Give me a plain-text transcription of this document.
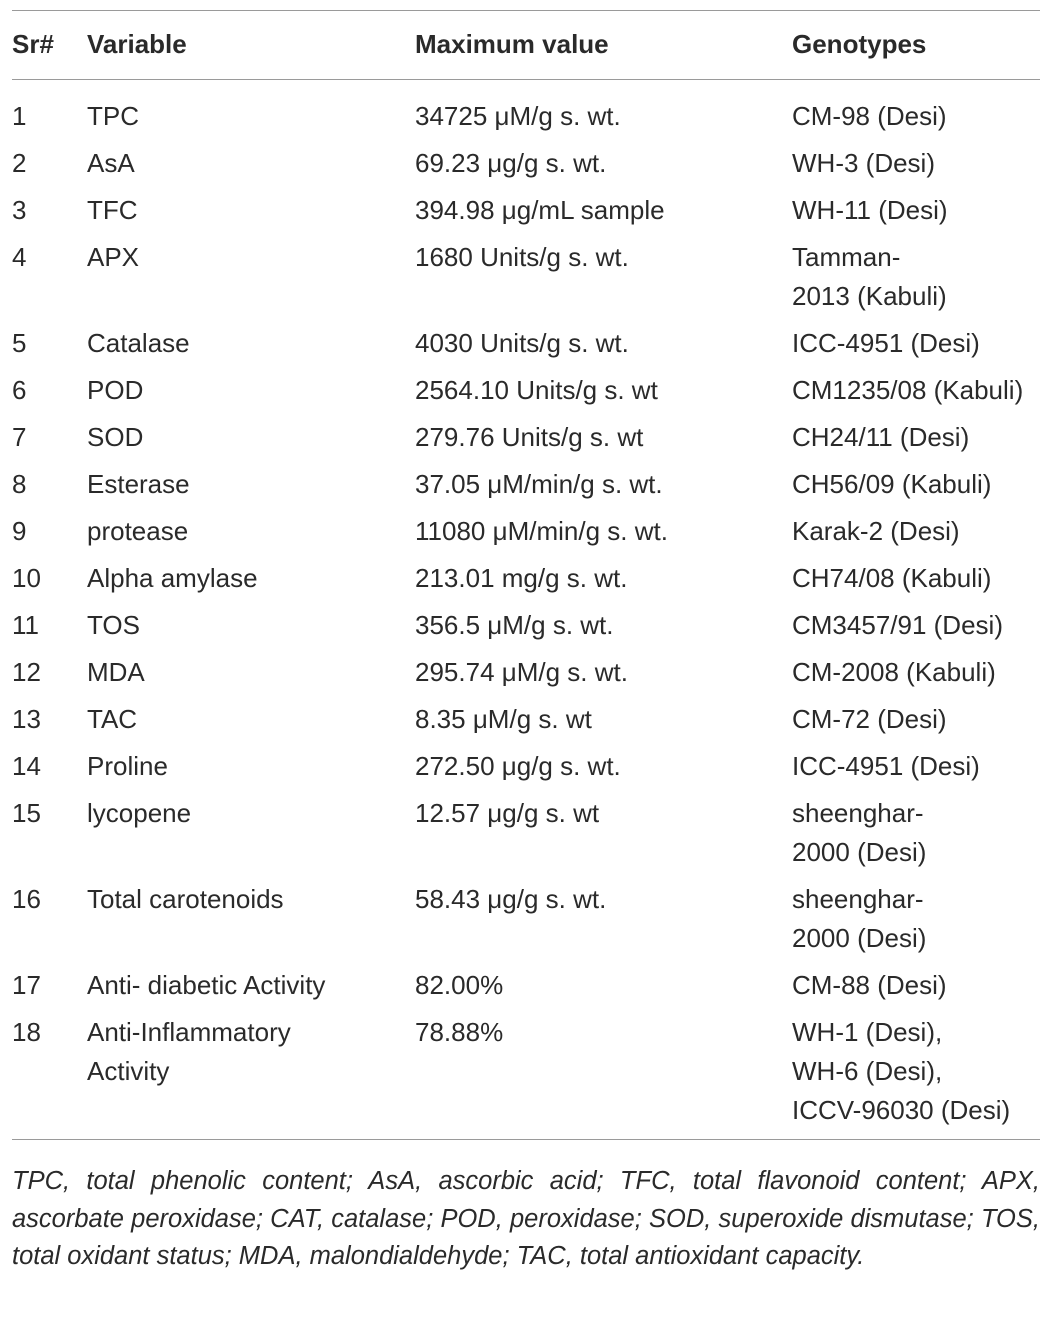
Sr#	Variable	Maximum value	Genotypes

1	TPC	34725 μM/g s. wt.	CM-98 (Desi)

2	AsA	69.23 μg/g s. wt.	WH-3 (Desi)

3	TFC	394.98 μg/mL sample	WH-11 (Desi)

4	APX	1680 Units/g s. wt.	Tamman-
2013 (Kabuli)

5	Catalase	4030 Units/g s. wt.	ICC-4951 (Desi)

6	POD	2564.10 Units/g s. wt	CM1235/08 (Kabuli)

7	SOD	279.76 Units/g s. wt	CH24/11 (Desi)

8	Esterase	37.05 μM/min/g s. wt.	CH56/09 (Kabuli)

9	protease	11080 μM/min/g s. wt.	Karak-2 (Desi)

10	Alpha amylase	213.01 mg/g s. wt.	CH74/08 (Kabuli)

11	TOS	356.5 μM/g s. wt.	CM3457/91 (Desi)

12	MDA	295.74 μM/g s. wt.	CM-2008 (Kabuli)

13	TAC	8.35 μM/g s. wt	CM-72 (Desi)

14	Proline	272.50 μg/g s. wt.	ICC-4951 (Desi)

15	lycopene	12.57 μg/g s. wt	sheenghar-
2000 (Desi)

16	Total carotenoids	58.43 μg/g s. wt.	sheenghar-
2000 (Desi)

17	Anti- diabetic Activity	82.00%	CM-88 (Desi)

18	Anti-Inflammatory
Activity	78.88%	WH-1 (Desi),
WH-6 (Desi),
ICCV-96030 (Desi)
TPC, total phenolic content; AsA, ascorbic acid; TFC, total flavonoid content; APX, ascorbate peroxidase; CAT, catalase; POD, peroxidase; SOD, superoxide dismutase; TOS, total oxidant status; MDA, malondialdehyde; TAC, total antioxidant capacity.
